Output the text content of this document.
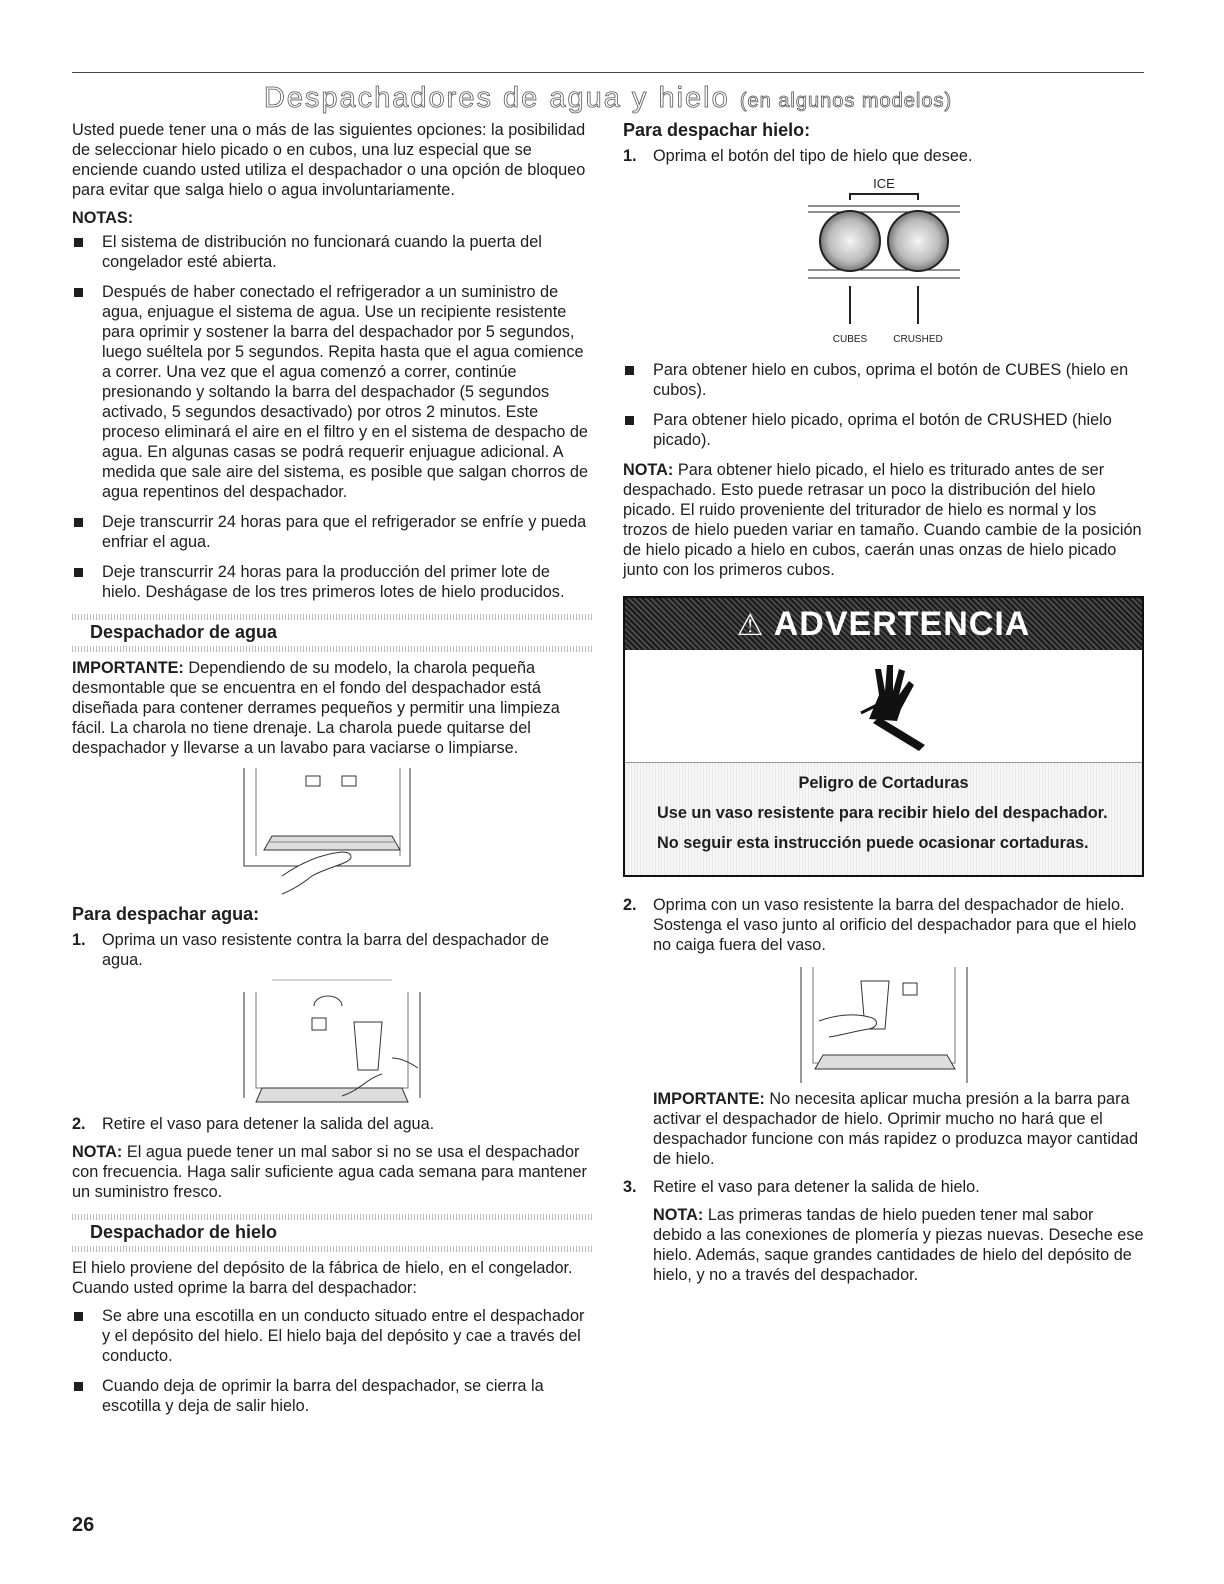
Despachadores de agua y hielo (en algunos modelos)

Usted puede tener una o más de las siguientes opciones: la posibilidad de seleccionar hielo picado o en cubos, una luz especial que se enciende cuando usted utiliza el despachador o una opción de bloqueo para evitar que salga hielo o agua involuntariamente.

NOTAS:
El sistema de distribución no funcionará cuando la puerta del congelador esté abierta.
Después de haber conectado el refrigerador a un suministro de agua, enjuague el sistema de agua. Use un recipiente resistente para oprimir y sostener la barra del despachador por 5 segundos, luego suéltela por 5 segundos. Repita hasta que el agua comience a correr. Una vez que el agua comenzó a correr, continúe presionando y soltando la barra del despachador (5 segundos activado, 5 segundos desactivado) por otros 2 minutos. Este proceso eliminará el aire en el filtro y en el sistema de despacho de agua. En algunas casas se podrá requerir enjuague adicional. A medida que sale aire del sistema, es posible que salgan chorros de agua repentinos del despachador.
Deje transcurrir 24 horas para que el refrigerador se enfríe y pueda enfriar el agua.
Deje transcurrir 24 horas para la producción del primer lote de hielo. Deshágase de los tres primeros lotes de hielo producidos.
Despachador de agua

IMPORTANTE: Dependiendo de su modelo, la charola pequeña desmontable que se encuentra en el fondo del despachador está diseñada para contener derrames pequeños y permitir una limpieza fácil. La charola no tiene drenaje. La charola puede quitarse del despachador y llevarse a un lavabo para vaciarse o limpiarse.

Para despachar agua:
1. Oprima un vaso resistente contra la barra del despachador de agua.
2. Retire el vaso para detener la salida del agua.

NOTA: El agua puede tener un mal sabor si no se usa el despachador con frecuencia. Haga salir suficiente agua cada semana para mantener un suministro fresco.

Despachador de hielo

El hielo proviene del depósito de la fábrica de hielo, en el congelador. Cuando usted oprime la barra del despachador:

Se abre una escotilla en un conducto situado entre el despachador y el depósito del hielo. El hielo baja del depósito y cae a través del conducto.
Cuando deja de oprimir la barra del despachador, se cierra la escotilla y deja de salir hielo.
Para despachar hielo:
1. Oprima el botón del tipo de hielo que desee.
ICE
CUBES	CRUSHED
Para obtener hielo en cubos, oprima el botón de CUBES (hielo en cubos).
Para obtener hielo picado, oprima el botón de CRUSHED (hielo picado).

NOTA: Para obtener hielo picado, el hielo es triturado antes de ser despachado. Esto puede retrasar un poco la distribución del hielo picado. El ruido proveniente del triturador de hielo es normal y los trozos de hielo pueden variar en tamaño. Cuando cambie de la posición de hielo picado a hielo en cubos, caerán unas onzas de hielo picado junto con los primeros cubos.

⚠ ADVERTENCIA
Peligro de Cortaduras

Use un vaso resistente para recibir hielo del despachador.

No seguir esta instrucción puede ocasionar cortaduras.

2. Oprima con un vaso resistente la barra del despachador de hielo. Sostenga el vaso junto al orificio del despachador para que el hielo no caiga fuera del vaso.

IMPORTANTE: No necesita aplicar mucha presión a la barra para activar el despachador de hielo. Oprimir mucho no hará que el despachador funcione con más rapidez o produzca mayor cantidad de hielo.

3. Retire el vaso para detener la salida de hielo.

NOTA: Las primeras tandas de hielo pueden tener mal sabor debido a las conexiones de plomería y piezas nuevas. Deseche ese hielo. Además, saque grandes cantidades de hielo del depósito de hielo, y no a través del despachador.

26
